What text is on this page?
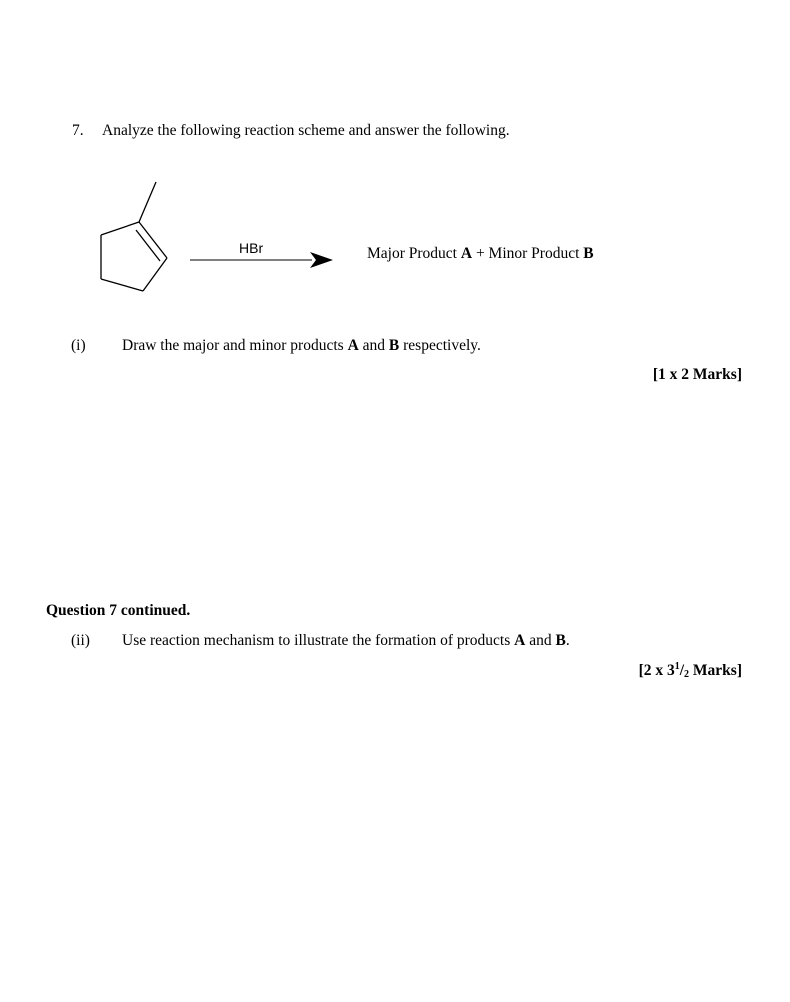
7. Analyze the following reaction scheme and answer the following.
HBr	Major Product A + Minor Product B
(i) Draw the major and minor products A and B respectively.
[1 x 2 Marks]
Question 7 continued.
(ii) Use reaction mechanism to illustrate the formation of products A and B.
[2 x $3^1/_2$ Marks]
